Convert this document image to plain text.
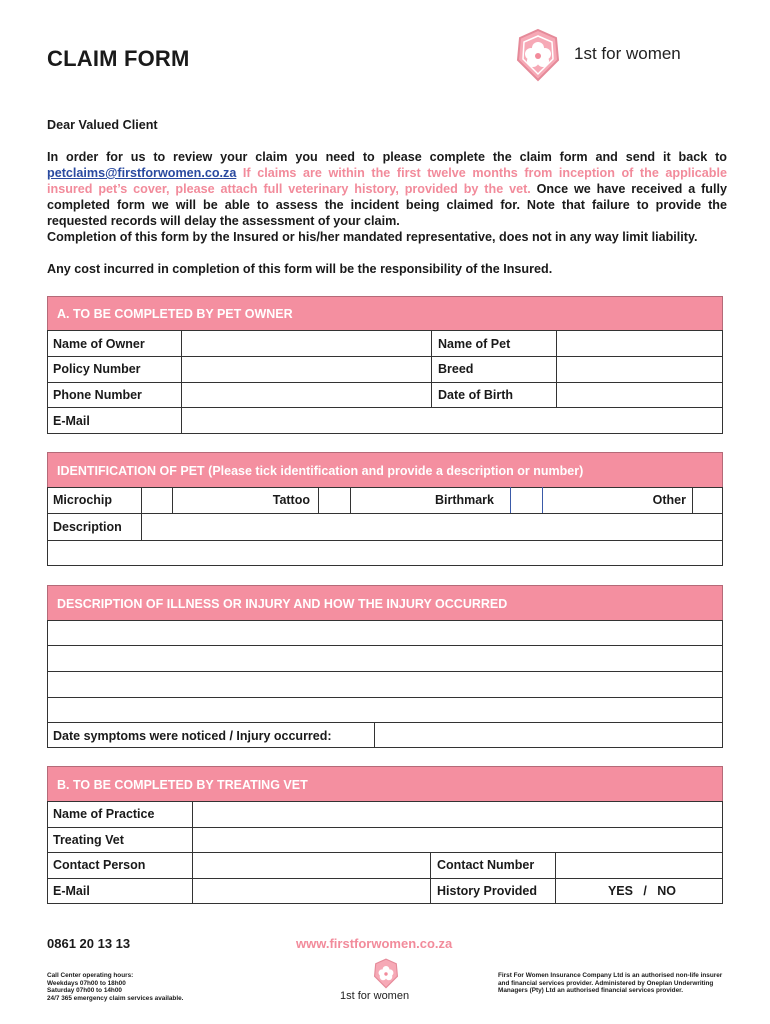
CLAIM FORM	1st for women
Dear Valued Client
In order for us to review your claim you need to please complete the claim form and send it back to petclaims@firstforwomen.co.za If claims are within the first twelve months from inception of the applicable insured pet’s cover, please attach full veterinary history, provided by the vet. Once we have received a fully completed form we will be able to assess the incident being claimed for. Note that failure to provide the requested records will delay the assessment of your claim.
Completion of this form by the Insured or his/her mandated representative, does not in any way limit liability.
Any cost incurred in completion of this form will be the responsibility of the Insured.
A. TO BE COMPLETED BY PET OWNER
Name of Owner	Name of Pet
Policy Number	Breed
Phone Number	Date of Birth
E-Mail
IDENTIFICATION OF PET (Please tick identification and provide a description or number)
Microchip	Tattoo	Birthmark	Other
Description
DESCRIPTION OF ILLNESS OR INJURY AND HOW THE INJURY OCCURRED
Date symptoms were noticed / Injury occurred:
B. TO BE COMPLETED BY TREATING VET
Name of Practice
Treating Vet
Contact Person	Contact Number
E-Mail	History Provided	YES   /   NO
0861 20 13 13	www.firstforwomen.co.za
Call Center operating hours:
Weekdays 07h00 to 18h00
Saturday 07h00 to 14h00
24/7 365 emergency claim services available.	1st for women
First For Women Insurance Company Ltd is an authorised non-life insurer and financial services provider. Administered by Oneplan Underwriting Managers (Pty) Ltd an authorised financial services provider.
